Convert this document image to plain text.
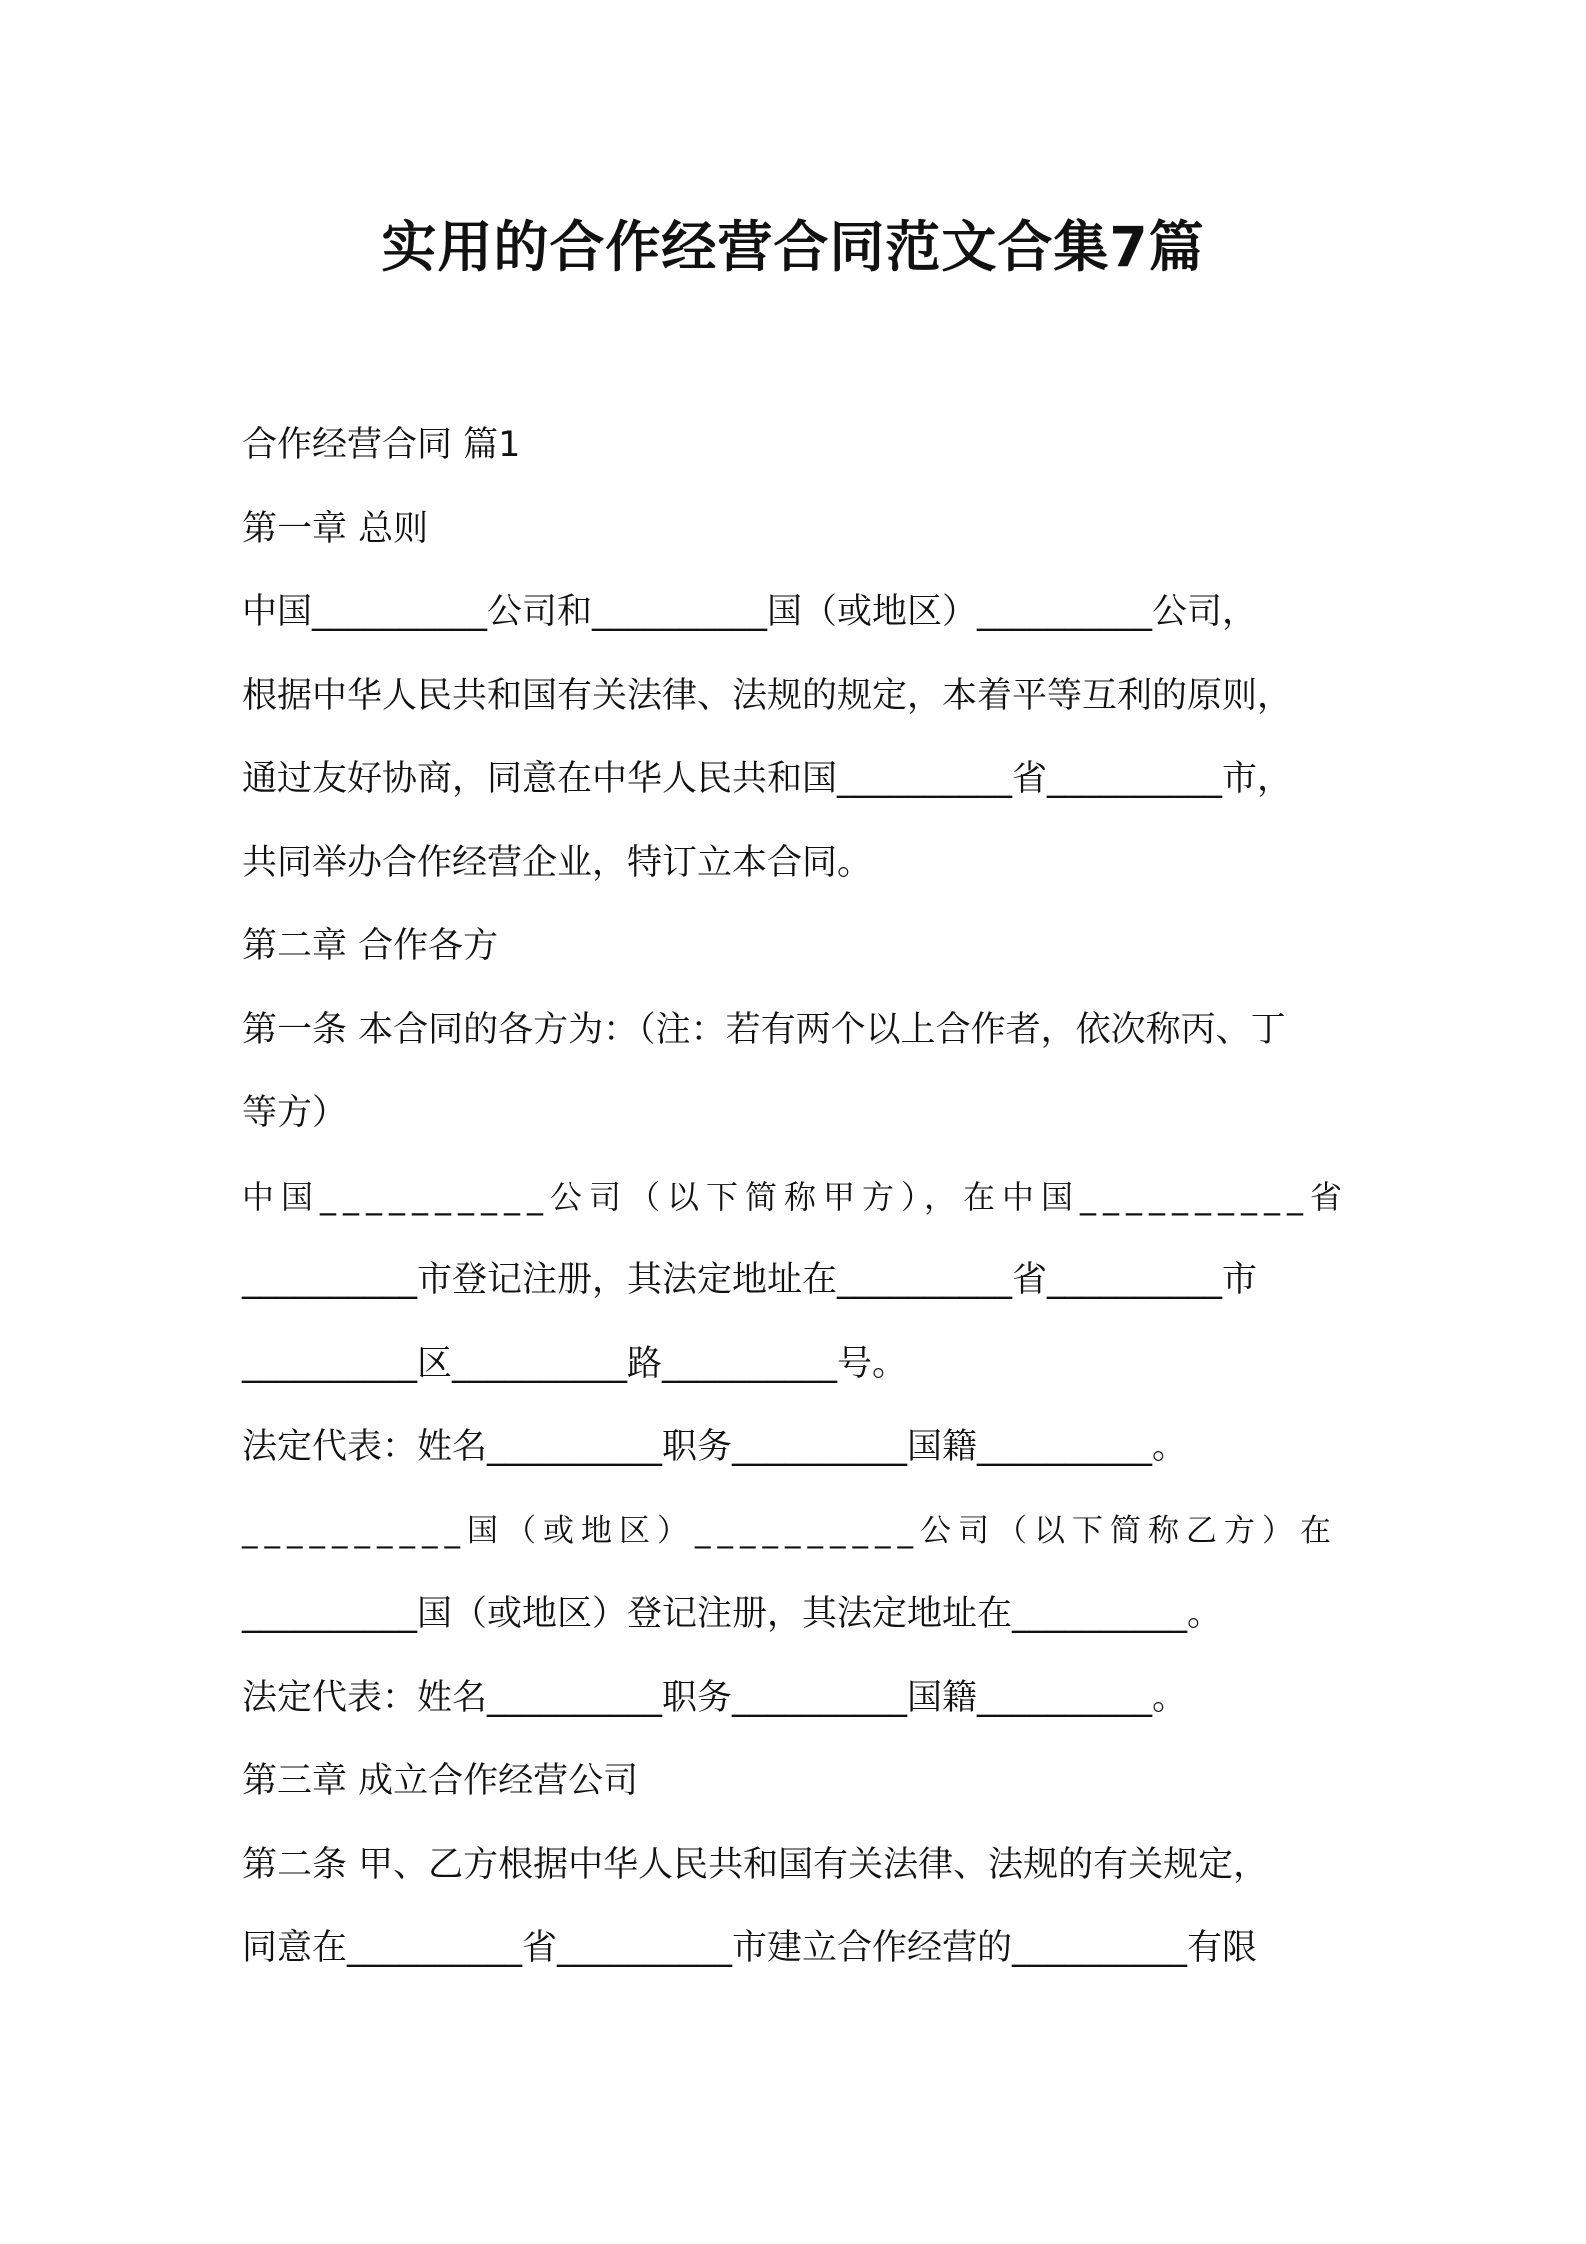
实用的合作经营合同范文合集7篇
合作经营合同 篇1
第一章 总则
中国__________公司和__________国（或地区）__________公司，
根据中华人民共和国有关法律、法规的规定，本着平等互利的原则，
通过友好协商，同意在中华人民共和国__________省__________市，
共同举办合作经营企业，特订立本合同。
第二章 合作各方
第一条 本合同的各方为：（注：若有两个以上合作者，依次称丙、丁
等方）
中国__________公司（以下简称甲方），在中国__________省
__________市登记注册，其法定地址在__________省__________市
__________区__________路__________号。
法定代表：姓名__________职务__________国籍__________。
__________国（或地区）__________公司（以下简称乙方）在
__________国（或地区）登记注册，其法定地址在__________。
法定代表：姓名__________职务__________国籍__________。
第三章 成立合作经营公司
第二条 甲、乙方根据中华人民共和国有关法律、法规的有关规定，
同意在__________省__________市建立合作经营的__________有限
